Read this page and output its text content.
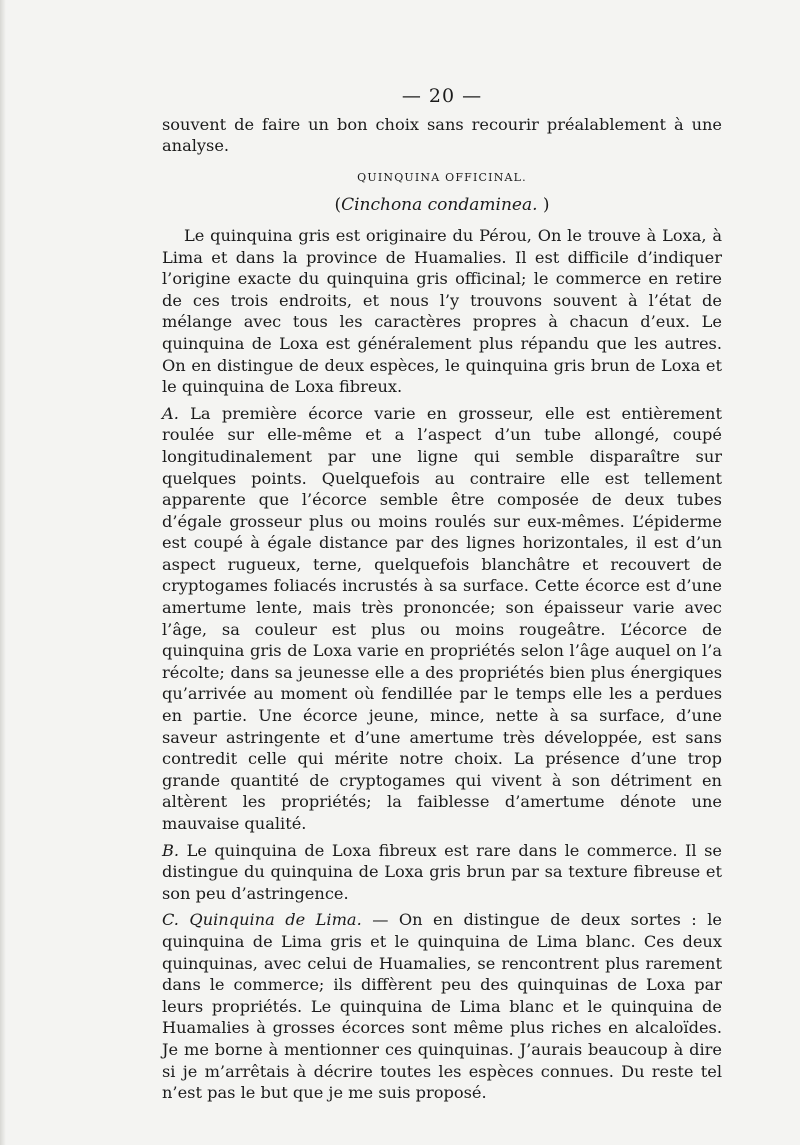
— 20 —

souvent de faire un bon choix sans recourir préalablement à une analyse.

QUINQUINA OFFICINAL.
(Cinchona condaminea. )

Le quinquina gris est originaire du Pérou, On le trouve à Loxa, à Lima et dans la province de Huamalies. Il est difficile d’indiquer l’origine exacte du quinquina gris officinal; le commerce en retire de ces trois endroits, et nous l’y trouvons souvent à l’état de mélange avec tous les caractères propres à chacun d’eux. Le quinquina de Loxa est généralement plus répandu que les autres. On en distingue de deux espèces, le quinquina gris brun de Loxa et le quinquina de Loxa fibreux.

A. La première écorce varie en grosseur, elle est entièrement roulée sur elle-même et a l’aspect d’un tube allongé, coupé longitudinalement par une ligne qui semble disparaître sur quelques points. Quelquefois au contraire elle est tellement apparente que l’écorce semble être composée de deux tubes d’égale grosseur plus ou moins roulés sur eux-mêmes. L’épiderme est coupé à égale distance par des lignes horizontales, il est d’un aspect rugueux, terne, quelquefois blanchâtre et recouvert de cryptogames foliacés incrustés à sa surface. Cette écorce est d’une amertume lente, mais très prononcée; son épaisseur varie avec l’âge, sa couleur est plus ou moins rougeâtre. L’écorce de quinquina gris de Loxa varie en propriétés selon l’âge auquel on l’a récolte; dans sa jeunesse elle a des propriétés bien plus énergiques qu’arrivée au moment où fendillée par le temps elle les a perdues en partie. Une écorce jeune, mince, nette à sa surface, d’une saveur astringente et d’une amertume très développée, est sans contredit celle qui mérite notre choix. La présence d’une trop grande quantité de cryptogames qui vivent à son détriment en altèrent les propriétés; la faiblesse d’amertume dénote une mauvaise qualité.

B. Le quinquina de Loxa fibreux est rare dans le commerce. Il se distingue du quinquina de Loxa gris brun par sa texture fibreuse et son peu d’astringence.

C. Quinquina de Lima. — On en distingue de deux sortes : le quinquina de Lima gris et le quinquina de Lima blanc. Ces deux quinquinas, avec celui de Huamalies, se rencontrent plus rarement dans le commerce; ils diffèrent peu des quinquinas de Loxa par leurs propriétés. Le quinquina de Lima blanc et le quinquina de Huamalies à grosses écorces sont même plus riches en alcaloïdes. Je me borne à mentionner ces quinquinas. J’aurais beaucoup à dire si je m’arrêtais à décrire toutes les espèces connues. Du reste tel n’est pas le but que je me suis proposé.
